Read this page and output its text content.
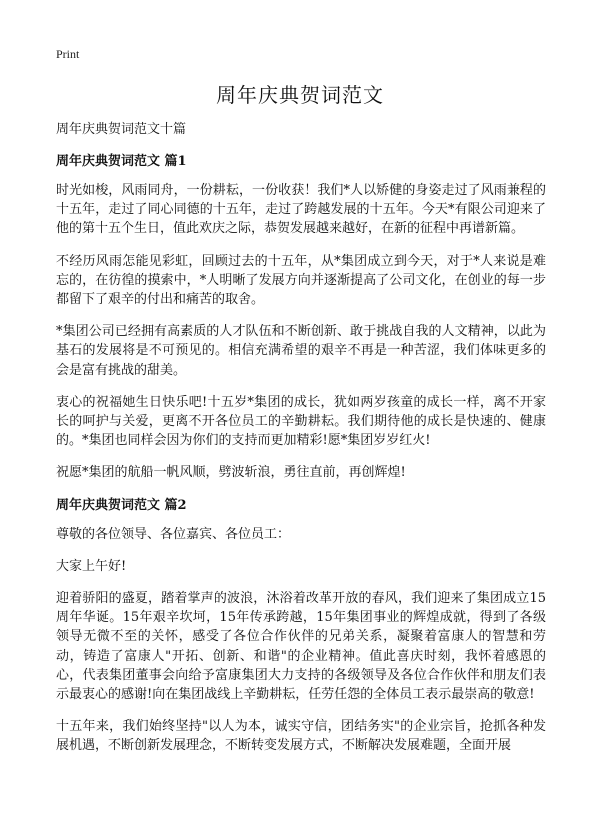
Print
周年庆典贺词范文

周年庆典贺词范文十篇

周年庆典贺词范文 篇1

时光如梭，风雨同舟，一份耕耘，一份收获！我们*人以矫健的身姿走过了风雨兼程的十五年，走过了同心同德的十五年，走过了跨越发展的十五年。今天*有限公司迎来了他的第十五个生日，值此欢庆之际，恭贺发展越来越好，在新的征程中再谱新篇。

不经历风雨怎能见彩虹，回顾过去的十五年，从*集团成立到今天，对于*人来说是难忘的，在彷徨的摸索中，*人明晰了发展方向并逐渐提高了公司文化，在创业的每一步都留下了艰辛的付出和痛苦的取舍。

*集团公司已经拥有高素质的人才队伍和不断创新、敢于挑战自我的人文精神，以此为基石的发展将是不可预见的。相信充满希望的艰辛不再是一种苦涩，我们体味更多的会是富有挑战的甜美。

衷心的祝福她生日快乐吧!十五岁*集团的成长，犹如两岁孩童的成长一样，离不开家长的呵护与关爱，更离不开各位员工的辛勤耕耘。我们期待他的成长是快速的、健康的。*集团也同样会因为你们的支持而更加精彩!愿*集团岁岁红火!

祝愿*集团的航船一帆风顺，劈波斩浪，勇往直前，再创辉煌!

周年庆典贺词范文 篇2

尊敬的各位领导、各位嘉宾、各位员工：

大家上午好!

迎着骄阳的盛夏，踏着掌声的波浪，沐浴着改革开放的春风，我们迎来了集团成立15周年华诞。15年艰辛坎坷，15年传承跨越，15年集团事业的辉煌成就，得到了各级领导无微不至的关怀，感受了各位合作伙伴的兄弟关系，凝聚着富康人的智慧和劳动，铸造了富康人"开拓、创新、和谐"的企业精神。值此喜庆时刻，我怀着感恩的心，代表集团董事会向给予富康集团大力支持的各级领导及各位合作伙伴和朋友们表示最衷心的感谢!向在集团战线上辛勤耕耘，任劳任怨的全体员工表示最崇高的敬意!

十五年来，我们始终坚持"以人为本，诚实守信，团结务实"的企业宗旨，抢抓各种发展机遇，不断创新发展理念，不断转变发展方式，不断解决发展难题，全面开展
